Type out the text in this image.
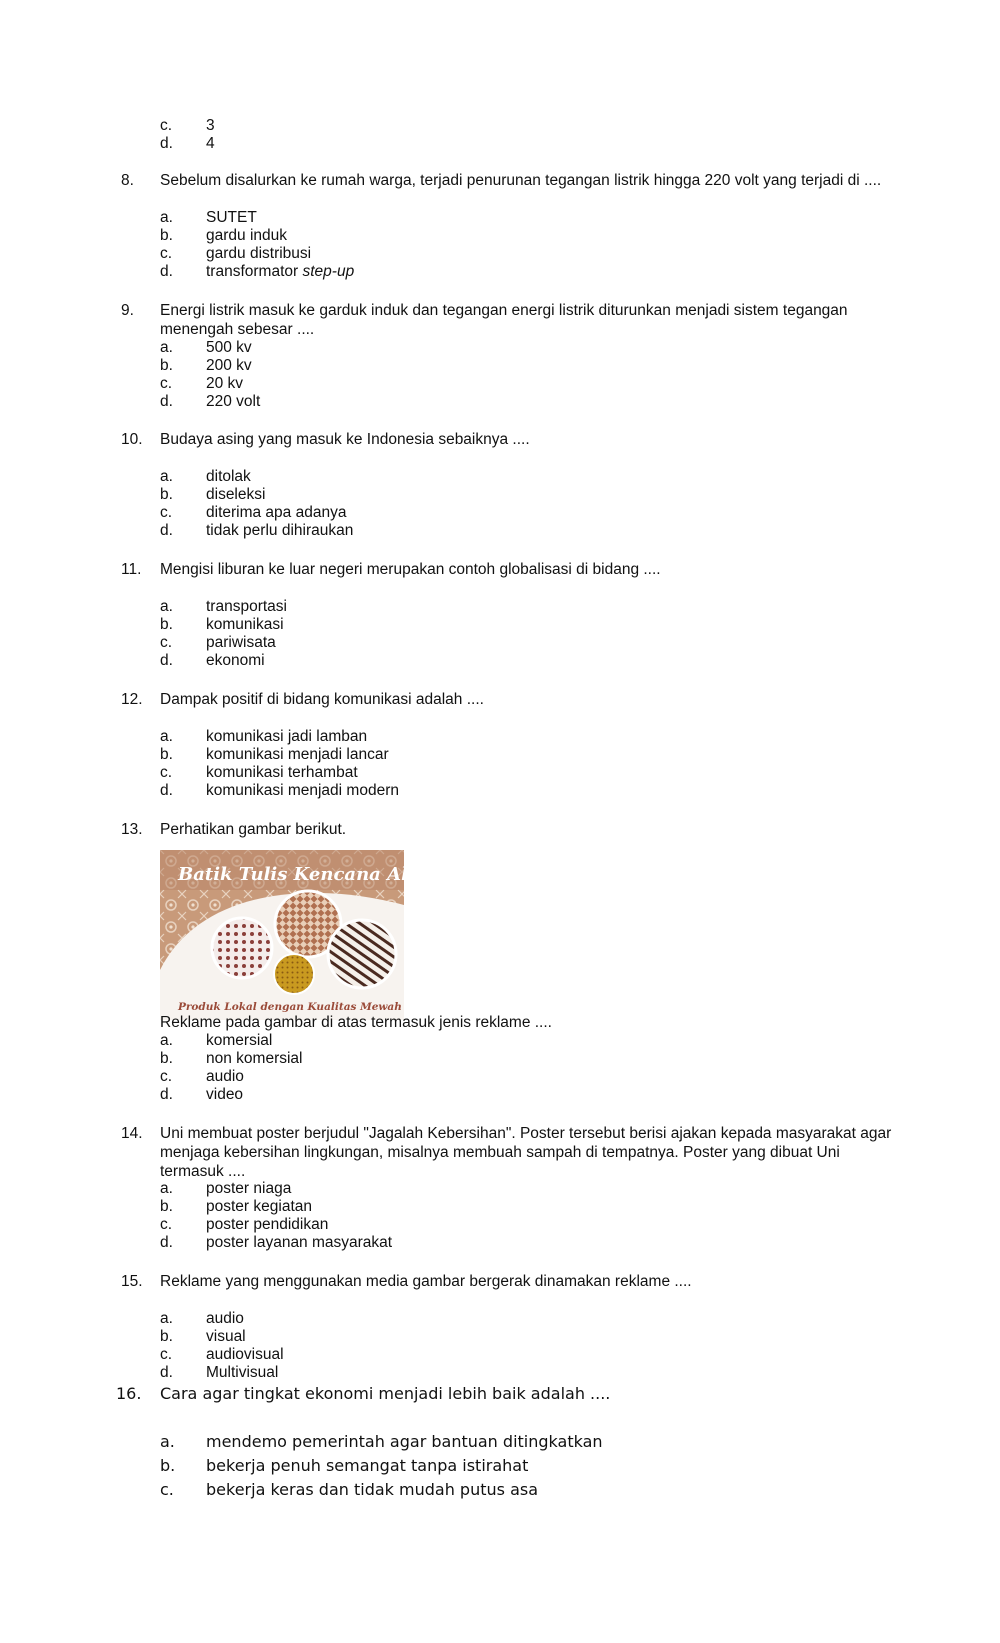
c. 3
d. 4
8. Sebelum disalurkan ke rumah warga, terjadi penurunan tegangan listrik hingga 220 volt yang terjadi di ....
a. SUTET
b. gardu induk
c. gardu distribusi
d. transformator step-up
9. Energi listrik masuk ke garduk induk dan tegangan energi listrik diturunkan menjadi sistem tegangan menengah sebesar ....
a. 500 kv
b. 200 kv
c. 20 kv
d. 220 volt
10. Budaya asing yang masuk ke Indonesia sebaiknya ....
a. ditolak
b. diseleksi
c. diterima apa adanya
d. tidak perlu dihiraukan
11. Mengisi liburan ke luar negeri merupakan contoh globalisasi di bidang ....
a. transportasi
b. komunikasi
c. pariwisata
d. ekonomi
12. Dampak positif di bidang komunikasi adalah ....
a. komunikasi jadi lamban
b. komunikasi menjadi lancar
c. komunikasi terhambat
d. komunikasi menjadi modern
13. Perhatikan gambar berikut.
Batik Tulis Kencana Alus
Produk Lokal dengan Kualitas Mewah
Reklame pada gambar di atas termasuk jenis reklame ....
a. komersial
b. non komersial
c. audio
d. video
14. Uni membuat poster berjudul "Jagalah Kebersihan". Poster tersebut berisi ajakan kepada masyarakat agar menjaga kebersihan lingkungan, misalnya membuah sampah di tempatnya. Poster yang dibuat Uni termasuk ....
a. poster niaga
b. poster kegiatan
c. poster pendidikan
d. poster layanan masyarakat
15. Reklame yang menggunakan media gambar bergerak dinamakan reklame ....
a. audio
b. visual
c. audiovisual
d. Multivisual
16. Cara agar tingkat ekonomi menjadi lebih baik adalah ....
a. mendemo pemerintah agar bantuan ditingkatkan
b. bekerja penuh semangat tanpa istirahat
c. bekerja keras dan tidak mudah putus asa
